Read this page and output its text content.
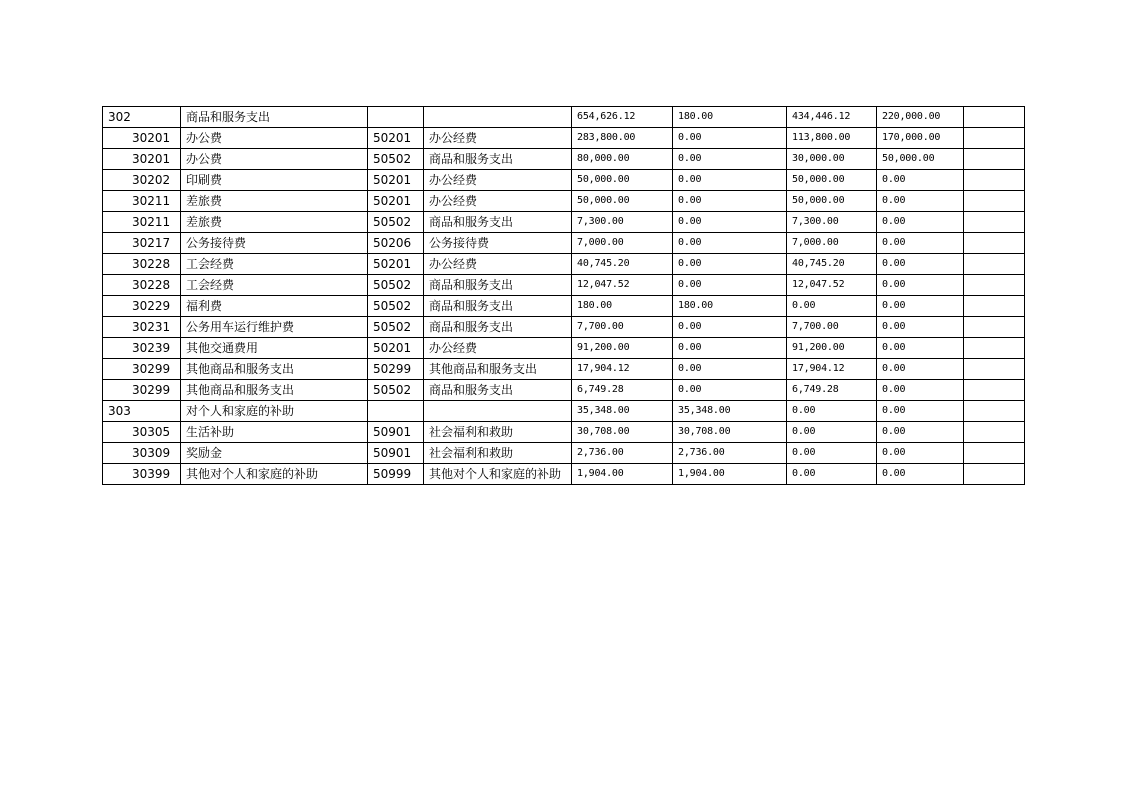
302	商品和服务支出			654,626.12	180.00	434,446.12	220,000.00	
30201	办公费	50201	办公经费	283,800.00	0.00	113,800.00	170,000.00	
30201	办公费	50502	商品和服务支出	80,000.00	0.00	30,000.00	50,000.00	
30202	印刷费	50201	办公经费	50,000.00	0.00	50,000.00	0.00	
30211	差旅费	50201	办公经费	50,000.00	0.00	50,000.00	0.00	
30211	差旅费	50502	商品和服务支出	7,300.00	0.00	7,300.00	0.00	
30217	公务接待费	50206	公务接待费	7,000.00	0.00	7,000.00	0.00	
30228	工会经费	50201	办公经费	40,745.20	0.00	40,745.20	0.00	
30228	工会经费	50502	商品和服务支出	12,047.52	0.00	12,047.52	0.00	
30229	福利费	50502	商品和服务支出	180.00	180.00	0.00	0.00	
30231	公务用车运行维护费	50502	商品和服务支出	7,700.00	0.00	7,700.00	0.00	
30239	其他交通费用	50201	办公经费	91,200.00	0.00	91,200.00	0.00	
30299	其他商品和服务支出	50299	其他商品和服务支出	17,904.12	0.00	17,904.12	0.00	
30299	其他商品和服务支出	50502	商品和服务支出	6,749.28	0.00	6,749.28	0.00	
303	对个人和家庭的补助			35,348.00	35,348.00	0.00	0.00	
30305	生活补助	50901	社会福利和救助	30,708.00	30,708.00	0.00	0.00	
30309	奖励金	50901	社会福利和救助	2,736.00	2,736.00	0.00	0.00	
30399	其他对个人和家庭的补助	50999	其他对个人和家庭的补助	1,904.00	1,904.00	0.00	0.00	
